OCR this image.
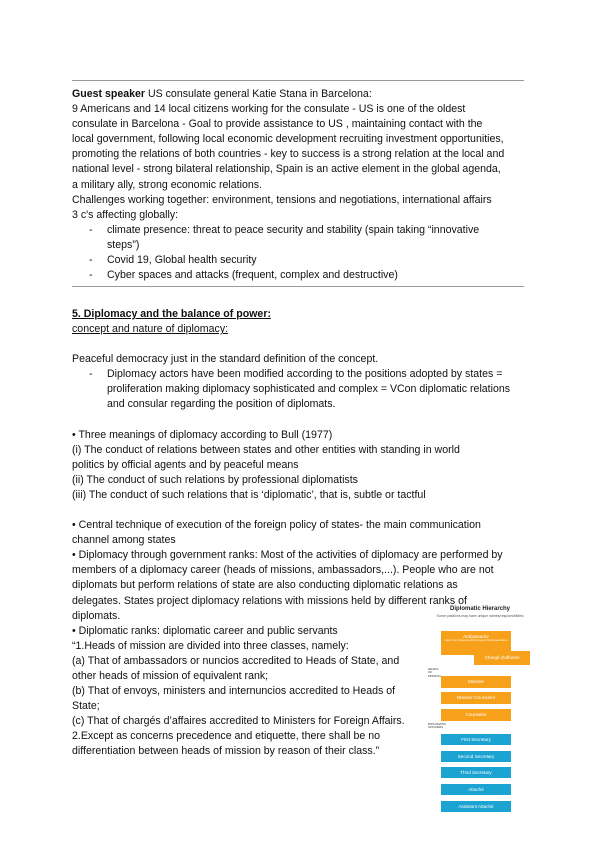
Guest speaker US consulate general Katie Stana in Barcelona:

9 Americans and 14 local citizens working for the consulate - US is one of the oldest

consulate in Barcelona - Goal to provide assistance to US , maintaining contact with the

local government, following local economic development recruiting investment opportunities,

promoting the relations of both countries - key to success is a strong relation at the local and

national level - strong bilateral relationship, Spain is an active element in the global agenda,

a military ally, strong economic relations.

Challenges working together: environment, tensions and negotiations, international affairs

3 c's affecting globally:

- climate presence: threat to peace security and stability (spain taking “innovative steps”)
- Covid 19, Global health security
- Cyber spaces and attacks (frequent, complex and destructive)

5. Diplomacy and the balance of power:

concept and nature of diplomacy:

Peaceful democracy just in the standard definition of the concept.

- Diplomacy actors have been modified according to the positions adopted by states = proliferation making diplomacy sophisticated and complex = VCon diplomatic relations and consular regarding the position of diplomats.

• Three meanings of diplomacy according to Bull (1977)

(i) The conduct of relations between states and other entities with standing in world

politics by official agents and by peaceful means

(ii) The conduct of such relations by professional diplomatists

(iii) The conduct of such relations that is ‘diplomatic’, that is, subtle or tactful

• Central technique of execution of the foreign policy of states- the main communication

channel among states

• Diplomacy through government ranks: Most of the activities of diplomacy are performed by

members of a diplomacy career (heads of missions, ambassadors,...). People who are not

diplomats but perform relations of state are also conducting diplomatic relations as

delegates. States project diplomacy relations with missions held by different ranks of

diplomats.

• Diplomatic ranks: diplomatic career and public servants

“1.Heads of mission are divided into three classes, namely:

(a) That of ambassadors or nuncios accredited to Heads of State, and

other heads of mission of equivalent rank;

(b) That of envoys, ministers and internuncios accredited to Heads of

State;

(c) That of chargés d’affaires accredited to Ministers for Foreign Affairs.

2.Except as concerns precedence and etiquette, there shall be no

differentiation between heads of mission by reason of their class.”

Diplomatic Hierarchy
Some positions may have unique names/responsibilities
Ambassador
High Commissioner/Permanent Representative
Chargé d'affaires
HEADS OF MISSION
Minister
Minister-Counselor
Counselor
DIPLOMATIC OFFICERS
First Secretary
Second Secretary
Third Secretary
Attaché
Assistant Attaché
